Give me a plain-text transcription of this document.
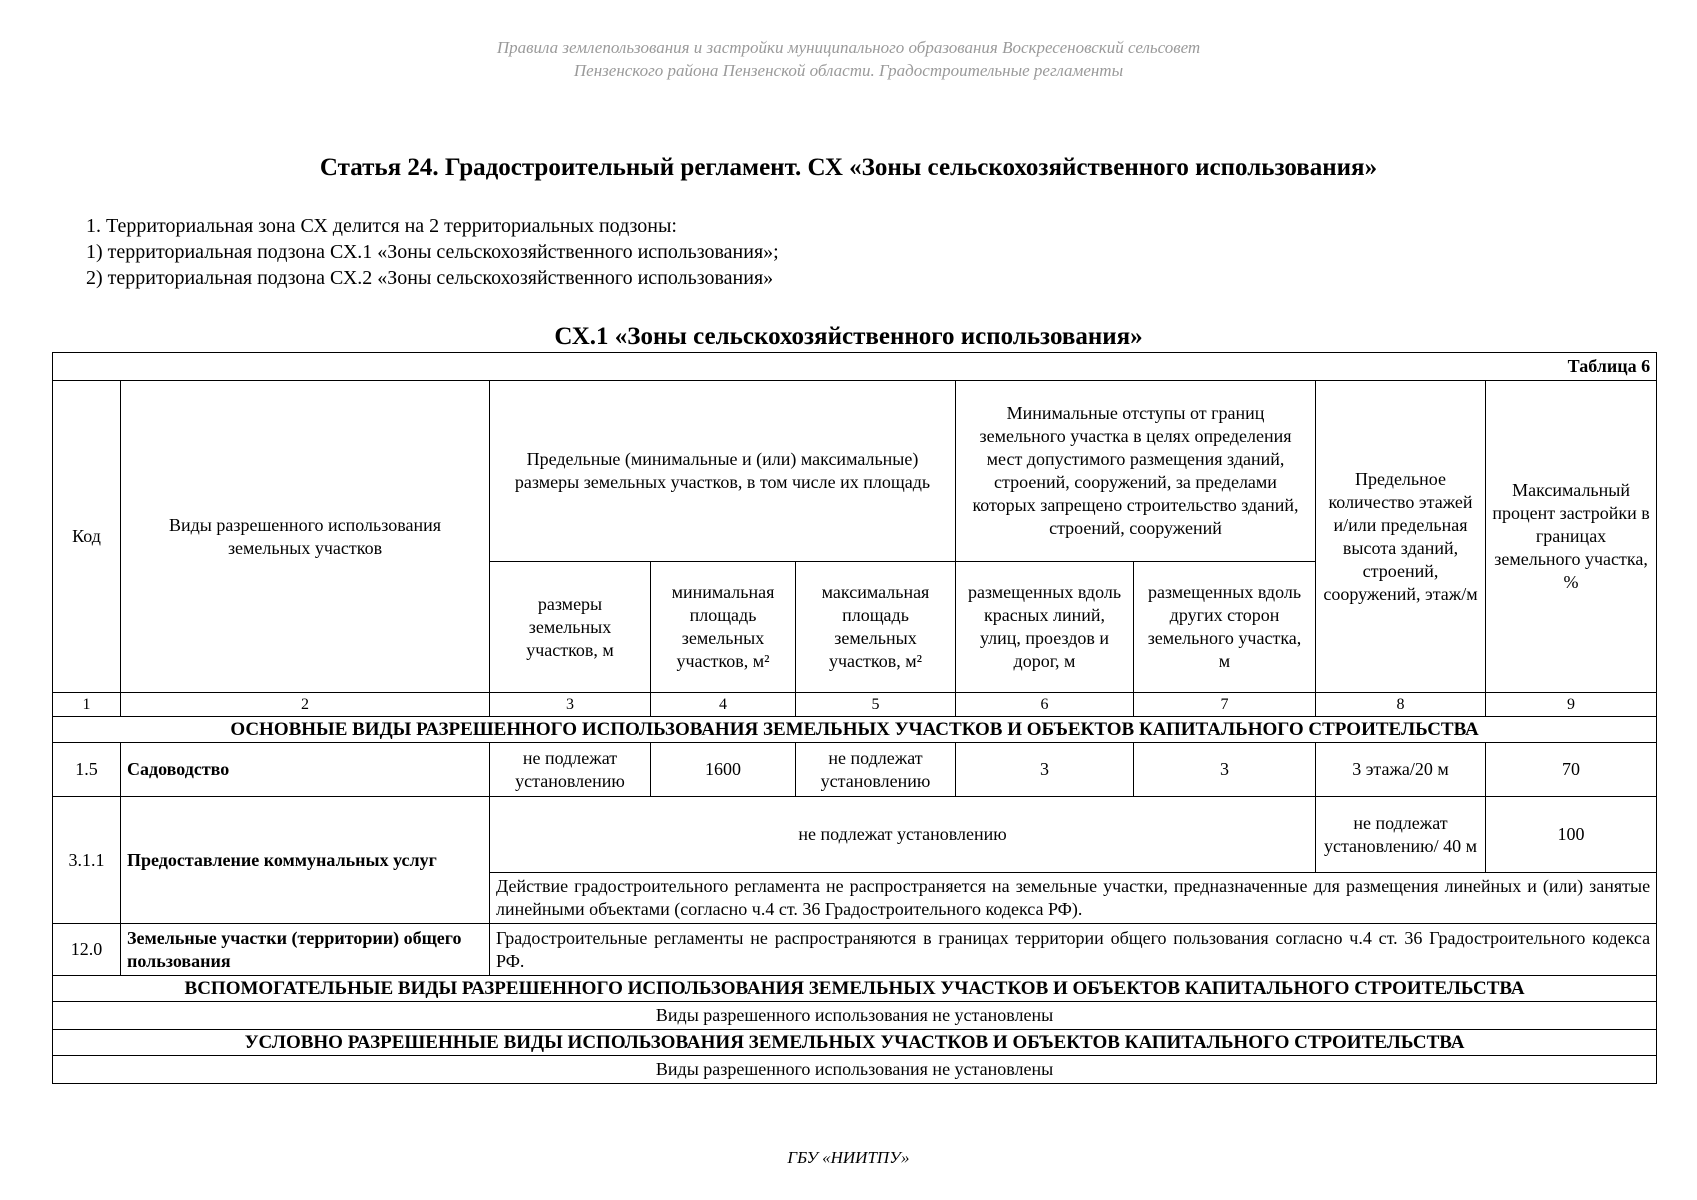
Правила землепользования и застройки муниципального образования Воскресеновский сельсовет
Пензенского района Пензенской области. Градостроительные регламенты
Статья 24. Градостроительный регламент. СХ «Зоны сельскохозяйственного использования»
1. Территориальная зона СХ делится на 2 территориальных подзоны:
1) территориальная подзона СХ.1 «Зоны сельскохозяйственного использования»;
2) территориальная подзона СХ.2 «Зоны сельскохозяйственного использования»
СХ.1 «Зоны сельскохозяйственного использования»
Таблица 6								
Код	Виды разрешенного использования земельных участков	Предельные (минимальные и (или) максимальные) размеры земельных участков, в том числе их площадь			Минимальные отступы от границ земельного участка в целях определения мест допустимого размещения зданий, строений, сооружений, за пределами которых запрещено строительство зданий, строений, сооружений		Предельное количество этажей и/или предельная высота зданий, строений, сооружений, этаж/м	Максимальный процент застройки в границах земельного участка, %
		размеры земельных участков, м	минимальная площадь земельных участков, м²	максимальная площадь земельных участков, м²	размещенных вдоль красных линий, улиц, проездов и дорог, м	размещенных вдоль других сторон земельного участка, м		
1	2	3	4	5	6	7	8	9
ОСНОВНЫЕ ВИДЫ РАЗРЕШЕННОГО ИСПОЛЬЗОВАНИЯ ЗЕМЕЛЬНЫХ УЧАСТКОВ И ОБЪЕКТОВ КАПИТАЛЬНОГО СТРОИТЕЛЬСТВА								
1.5	Садоводство	не подлежат установлению	1600	не подлежат установлению	3	3	3 этажа/20 м	70
3.1.1	Предоставление коммунальных услуг	не подлежат установлению					не подлежат установлению/ 40 м	100
		Действие градостроительного регламента не распространяется на земельные участки, предназначенные для размещения линейных и (или) занятые линейными объектами (согласно ч.4 ст. 36 Градостроительного кодекса РФ).						
12.0	Земельные участки (территории) общего пользования	Градостроительные регламенты не распространяются в границах территории общего пользования согласно ч.4 ст. 36 Градостроительного кодекса РФ.						
ВСПОМОГАТЕЛЬНЫЕ ВИДЫ РАЗРЕШЕННОГО ИСПОЛЬЗОВАНИЯ ЗЕМЕЛЬНЫХ УЧАСТКОВ И ОБЪЕКТОВ КАПИТАЛЬНОГО СТРОИТЕЛЬСТВА								
Виды разрешенного использования не установлены								
УСЛОВНО РАЗРЕШЕННЫЕ ВИДЫ ИСПОЛЬЗОВАНИЯ ЗЕМЕЛЬНЫХ УЧАСТКОВ И ОБЪЕКТОВ КАПИТАЛЬНОГО СТРОИТЕЛЬСТВА								
Виды разрешенного использования не установлены								
ГБУ «НИИТПУ»
